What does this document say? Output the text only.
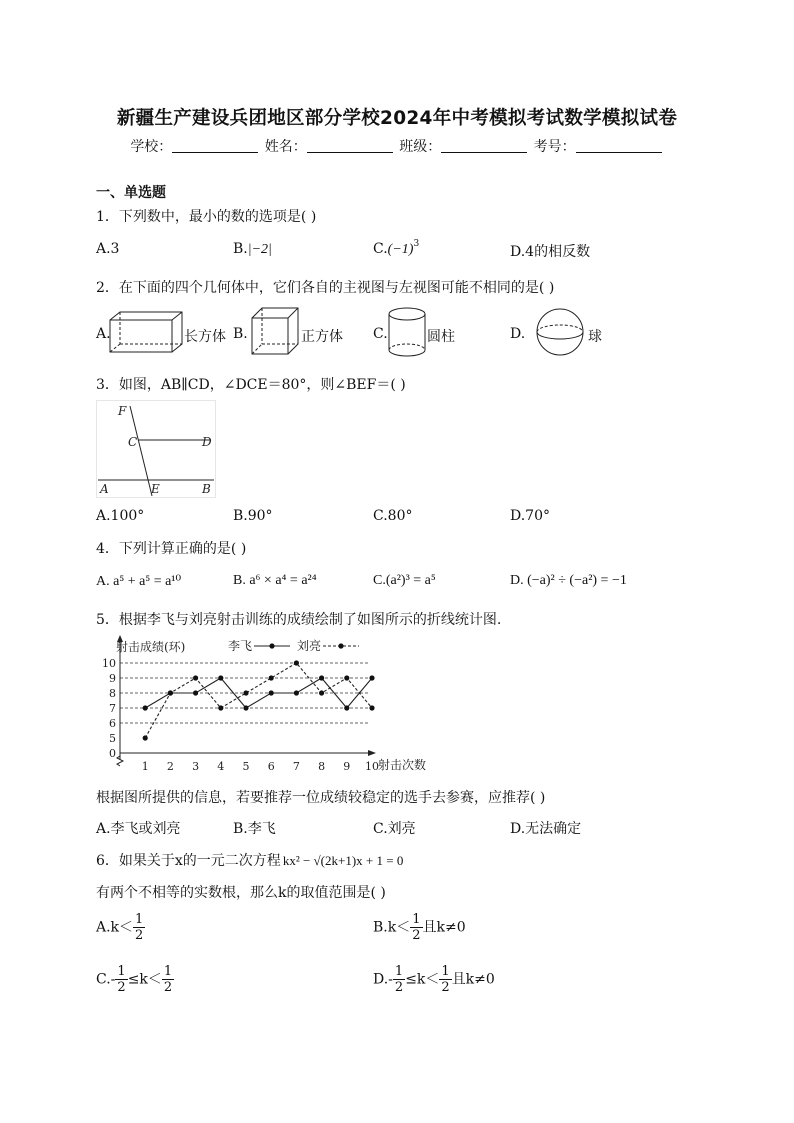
新疆生产建设兵团地区部分学校2024年中考模拟考试数学模拟试卷
学校：	姓名：	班级：	考号：
一、单选题
1．下列数中，最小的数的选项是( )
A.3	B.|−2|	$C.(-1)^3$	D.4的相反数
2．在下面的四个几何体中，它们各自的主视图与左视图可能不相同的是( )
A.	长方体 B.	正方体 C.	圆柱	D.	球
3．如图，AB∥CD，∠DCE＝80°，则∠BEF＝( )
F
C	D
A	E	B
A.100°	B.90°	C.80°	D.70°
4．下列计算正确的是( )
A. a⁵ + a⁵ = a¹⁰	B. a⁶ × a⁴ = a²⁴	C.(a²)³ = a⁵	D. (−a)² ÷ (−a²) = −1
5．根据李飞与刘亮射击训练的成绩绘制了如图所示的折线统计图.
10
9
8
7
6
5
0
1 2 3 4 5 6 7 8 9 10
射击成绩(环)
射击次数
李飞	刘亮
根据图所提供的信息，若要推荐一位成绩较稳定的选手去参赛，应推荐( )
A.李飞或刘亮	B.李飞	C.刘亮	D.无法确定
6．如果关于x的一元二次方程 kx² − √(2k+1)x + 1 = 0
有两个不相等的实数根，那么k的取值范围是( )
$A.k< \frac{1}{2}$	$B.k< \frac{1}{2}$ 且k≠0
$C.- \frac{1}{2} \le k< \frac{1}{2}$	$D.- \frac{1}{2} \le k< \frac{1}{2}$ 且k≠0
